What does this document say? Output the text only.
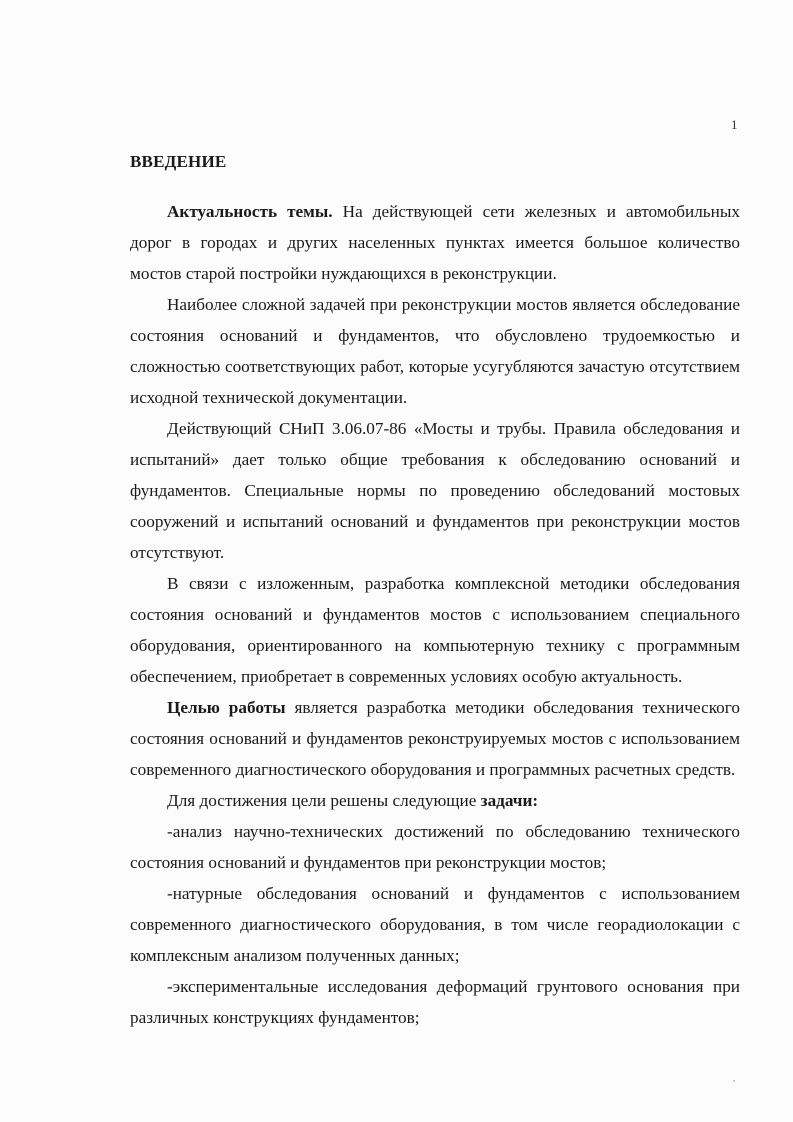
1
ВВЕДЕНИЕ

Актуальность темы. На действующей сети железных и автомобильных дорог в городах и других населенных пунктах имеется большое количество мостов старой постройки нуждающихся в реконструкции.

Наиболее сложной задачей при реконструкции мостов является обследование состояния оснований и фундаментов, что обусловлено трудоемкостью и сложностью соответствующих работ, которые усугубляются зачастую отсутствием исходной технической документации.

Действующий СНиП 3.06.07-86 «Мосты и трубы. Правила обследования и испытаний» дает только общие требования к обследованию оснований и фундаментов. Специальные нормы по проведению обследований мостовых сооружений и испытаний оснований и фундаментов при реконструкции мостов отсутствуют.

В связи с изложенным, разработка комплексной методики обследования состояния оснований и фундаментов мостов с использованием специального оборудования, ориентированного на компьютерную технику с программным обеспечением, приобретает в современных условиях особую актуальность.

Целью работы является разработка методики обследования технического состояния оснований и фундаментов реконструируемых мостов с использованием современного диагностического оборудования и программных расчетных средств.

Для достижения цели решены следующие задачи:

-анализ научно-технических достижений по обследованию технического состояния оснований и фундаментов при реконструкции мостов;

-натурные обследования оснований и фундаментов с использованием современного диагностического оборудования, в том числе георадиолокации с комплексным анализом полученных данных;

-экспериментальные исследования деформаций грунтового основания при различных конструкциях фундаментов;
